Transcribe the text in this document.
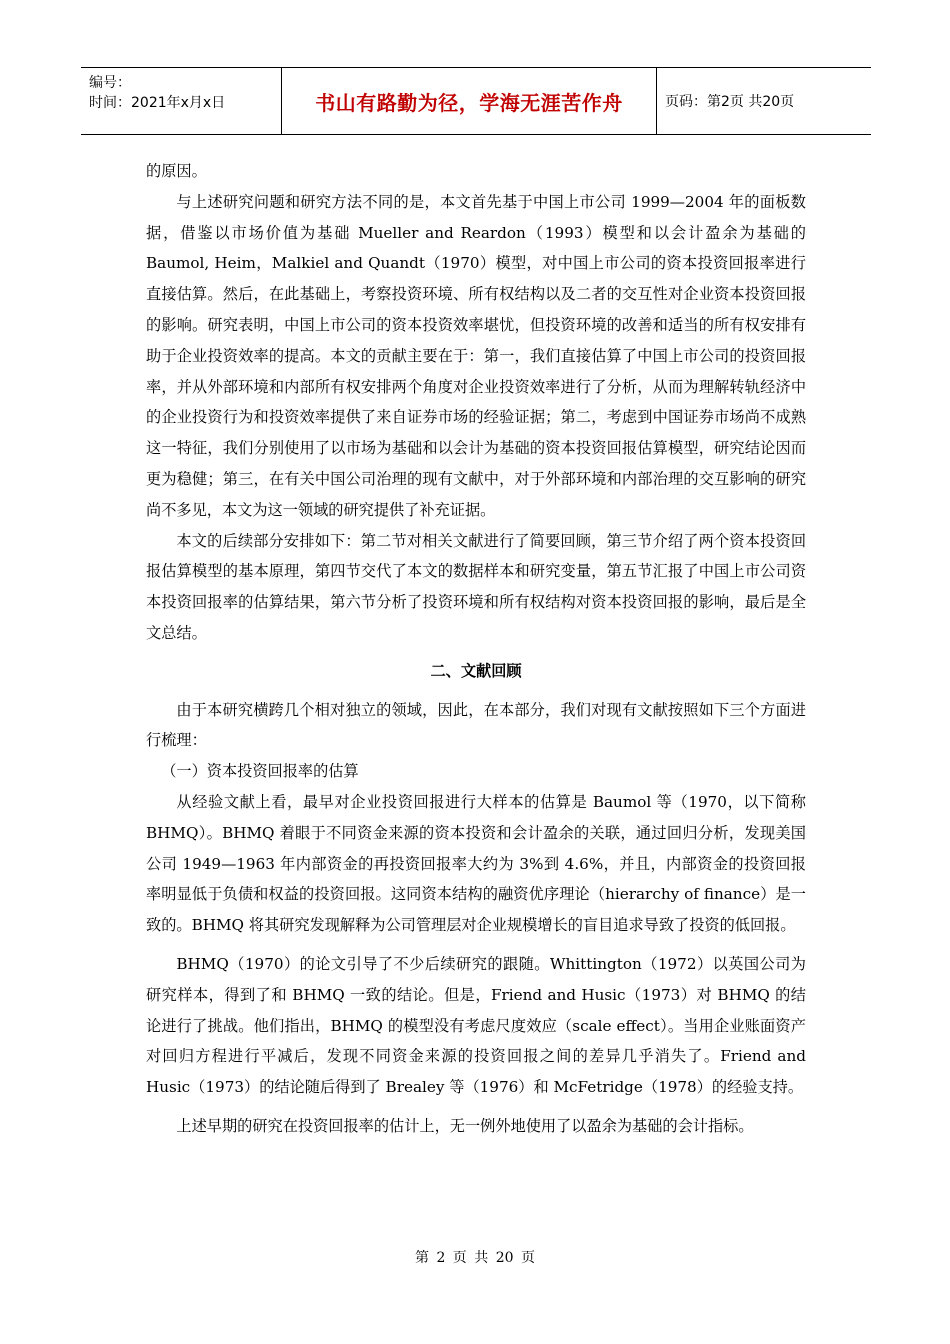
编号：
时间：2021年x月x日	书山有路勤为径，学海无涯苦作舟	页码：第2页 共20页

的原因。

与上述研究问题和研究方法不同的是，本文首先基于中国上市公司 1999—2004 年的面板数据，借鉴以市场价值为基础 Mueller and Reardon（1993）模型和以会计盈余为基础的 Baumol, Heim，Malkiel and Quandt（1970）模型，对中国上市公司的资本投资回报率进行直接估算。然后，在此基础上，考察投资环境、所有权结构以及二者的交互性对企业资本投资回报的影响。研究表明，中国上市公司的资本投资效率堪忧，但投资环境的改善和适当的所有权安排有助于企业投资效率的提高。本文的贡献主要在于：第一，我们直接估算了中国上市公司的投资回报率，并从外部环境和内部所有权安排两个角度对企业投资效率进行了分析，从而为理解转轨经济中的企业投资行为和投资效率提供了来自证券市场的经验证据；第二，考虑到中国证券市场尚不成熟这一特征，我们分别使用了以市场为基础和以会计为基础的资本投资回报估算模型，研究结论因而更为稳健；第三，在有关中国公司治理的现有文献中，对于外部环境和内部治理的交互影响的研究尚不多见，本文为这一领域的研究提供了补充证据。

本文的后续部分安排如下：第二节对相关文献进行了简要回顾，第三节介绍了两个资本投资回报估算模型的基本原理，第四节交代了本文的数据样本和研究变量，第五节汇报了中国上市公司资本投资回报率的估算结果，第六节分析了投资环境和所有权结构对资本投资回报的影响，最后是全文总结。

二、文献回顾

由于本研究横跨几个相对独立的领域，因此，在本部分，我们对现有文献按照如下三个方面进行梳理：

（一）资本投资回报率的估算

从经验文献上看，最早对企业投资回报进行大样本的估算是 Baumol 等（1970，以下简称 BHMQ）。BHMQ 着眼于不同资金来源的资本投资和会计盈余的关联，通过回归分析，发现美国公司 1949—1963 年内部资金的再投资回报率大约为 3%到 4.6%，并且，内部资金的投资回报率明显低于负债和权益的投资回报。这同资本结构的融资优序理论（hierarchy of finance）是一致的。BHMQ 将其研究发现解释为公司管理层对企业规模增长的盲目追求导致了投资的低回报。

BHMQ（1970）的论文引导了不少后续研究的跟随。Whittington（1972）以英国公司为研究样本，得到了和 BHMQ 一致的结论。但是，Friend and Husic（1973）对 BHMQ 的结论进行了挑战。他们指出，BHMQ 的模型没有考虑尺度效应（scale effect）。当用企业账面资产对回归方程进行平减后，发现不同资金来源的投资回报之间的差异几乎消失了。Friend and Husic（1973）的结论随后得到了 Brealey 等（1976）和 McFetridge（1978）的经验支持。

上述早期的研究在投资回报率的估计上，无一例外地使用了以盈余为基础的会计指标。

第 2 页 共 20 页
